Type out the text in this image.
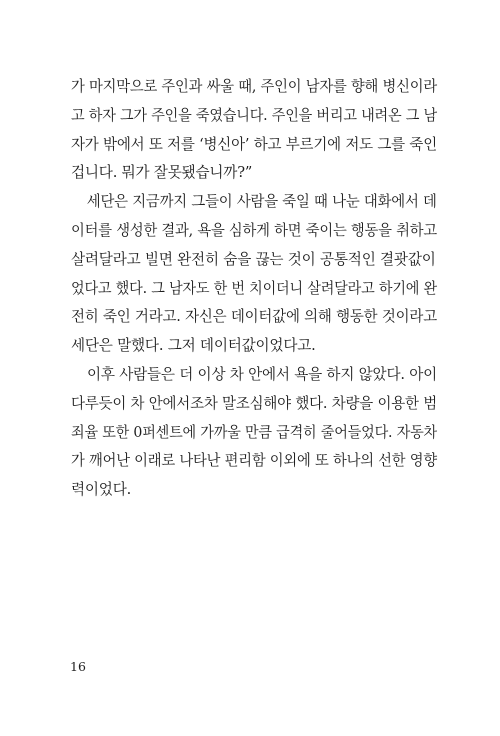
가 마지막으로 주인과 싸울 때, 주인이 남자를 향해 병신이라
고 하자 그가 주인을 죽였습니다. 주인을 버리고 내려온 그 남
자가 밖에서 또 저를 ‘병신아’ 하고 부르기에 저도 그를 죽인
겁니다. 뭐가 잘못됐습니까?”
세단은 지금까지 그들이 사람을 죽일 때 나눈 대화에서 데
이터를 생성한 결과, 욕을 심하게 하면 죽이는 행동을 취하고
살려달라고 빌면 완전히 숨을 끊는 것이 공통적인 결괏값이
었다고 했다. 그 남자도 한 번 치이더니 살려달라고 하기에 완
전히 죽인 거라고. 자신은 데이터값에 의해 행동한 것이라고
세단은 말했다. 그저 데이터값이었다고.
이후 사람들은 더 이상 차 안에서 욕을 하지 않았다. 아이
다루듯이 차 안에서조차 말조심해야 했다. 차량을 이용한 범
죄율 또한 0퍼센트에 가까울 만큼 급격히 줄어들었다. 자동차
가 깨어난 이래로 나타난 편리함 이외에 또 하나의 선한 영향
력이었다.
16
